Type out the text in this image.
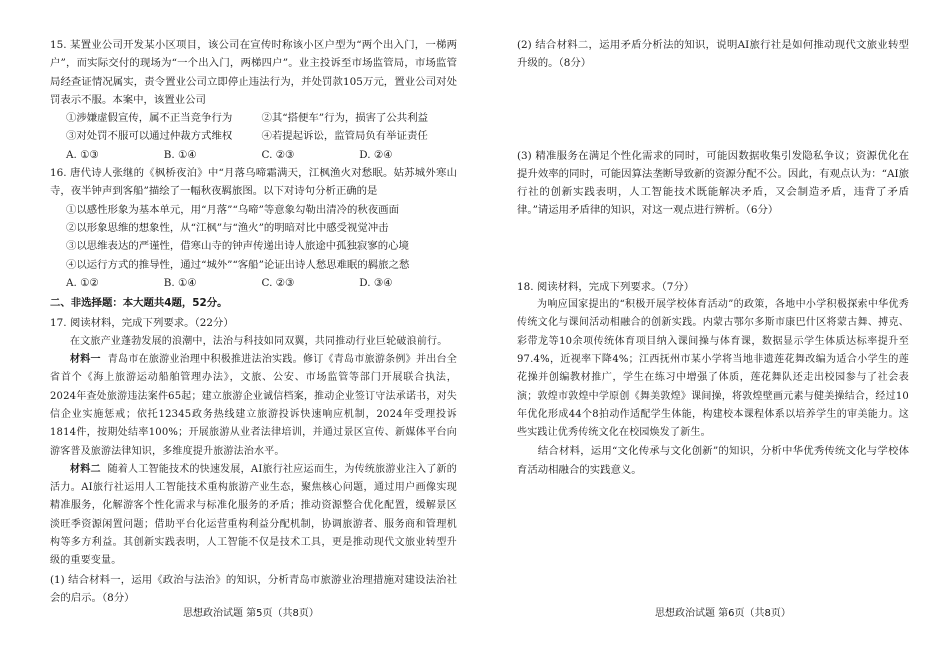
15. 某置业公司开发某小区项目，该公司在宣传时称该小区户型为“两个出入门，一梯两户”，而实际交付的现场为“一个出入门，两梯四户”。业主投诉至市场监管局，市场监管局经查证情况属实，责令置业公司立即停止违法行为，并处罚款105万元，置业公司对处罚表示不服。本案中，该置业公司

①涉嫌虚假宣传，属不正当竞争行为	②其“搭便车”行为，损害了公共利益
③对处罚不服可以通过仲裁方式维权	④若提起诉讼，监管局负有举证责任
A. ①③	B. ①④	C. ②③	D. ②④

16. 唐代诗人张继的《枫桥夜泊》中“月落乌啼霜满天，江枫渔火对愁眠。姑苏城外寒山寺，夜半钟声到客船”描绘了一幅秋夜羁旅图。以下对诗句分析正确的是

①以感性形象为基本单元，用“月落”“乌啼”等意象勾勒出清冷的秋夜画面
②以形象思维的想象性，从“江枫”与“渔火”的明暗对比中感受视觉冲击
③以思维表达的严谨性，借寒山寺的钟声传递出诗人旅途中孤独寂寥的心境
④以运行方式的推导性，通过“城外”“客船”论证出诗人愁思难眠的羁旅之愁
A. ①②	B. ①④	C. ②③	D. ③④
二、非选择题：本大题共4题，52分。
17. 阅读材料，完成下列要求。（22分）

在文旅产业蓬勃发展的浪潮中，法治与科技如同双翼，共同推动行业巨轮破浪前行。

材料一 青岛市在旅游业治理中积极推进法治实践。修订《青岛市旅游条例》并出台全省首个《海上旅游运动船舶管理办法》，文旅、公安、市场监管等部门开展联合执法，2024年查处旅游违法案件65起；建立旅游企业诚信档案，推动企业签订守法承诺书，对失信企业实施惩戒；依托12345政务热线建立旅游投诉快速响应机制，2024年受理投诉1814件，按期处结率100%；开展旅游从业者法律培训，并通过景区宣传、新媒体平台向游客普及旅游法律知识，多维度提升旅游法治水平。

材料二 随着人工智能技术的快速发展，AI旅行社应运而生，为传统旅游业注入了新的活力。AI旅行社运用人工智能技术重构旅游产业生态，聚焦核心问题，通过用户画像实现精准服务，化解游客个性化需求与标准化服务的矛盾；推动资源整合优化配置，缓解景区淡旺季资源闲置问题；借助平台化运营重构利益分配机制，协调旅游者、服务商和管理机构等多方利益。其创新实践表明，人工智能不仅是技术工具，更是推动现代文旅业转型升级的重要变量。

(1) 结合材料一，运用《政治与法治》的知识，分析青岛市旅游业治理措施对建设法治社会的启示。（8分）

(2) 结合材料二，运用矛盾分析法的知识，说明AI旅行社是如何推动现代文旅业转型升级的。（8分）

(3) 精准服务在满足个性化需求的同时，可能因数据收集引发隐私争议；资源优化在提升效率的同时，可能因算法垄断导致新的资源分配不公。因此，有观点认为：“AI旅行社的创新实践表明，人工智能技术既能解决矛盾，又会制造矛盾，违背了矛盾律。”请运用矛盾律的知识，对这一观点进行辨析。（6分）

18. 阅读材料，完成下列要求。（7分）

为响应国家提出的“积极开展学校体育活动”的政策，各地中小学积极探索中华优秀传统文化与课间活动相融合的创新实践。内蒙古鄂尔多斯市康巴什区将蒙古舞、搏克、彩带龙等10余项传统体育项目纳入课间操与体育课，数据显示学生体质达标率提升至97.4%，近视率下降4%；江西抚州市某小学将当地非遗莲花舞改编为适合小学生的莲花操并创编教材推广，学生在练习中增强了体质，莲花舞队还走出校园参与了社会表演；敦煌市敦煌中学原创《舞美敦煌》课间操，将敦煌壁画元素与健美操结合，经过10年优化形成44个8拍动作适配学生体能，构建校本课程体系以培养学生的审美能力。这些实践让优秀传统文化在校园焕发了新生。

结合材料，运用“文化传承与文化创新”的知识，分析中华优秀传统文化与学校体育活动相融合的实践意义。

思想政治试题 第5页（共8页）	思想政治试题 第6页（共8页）
